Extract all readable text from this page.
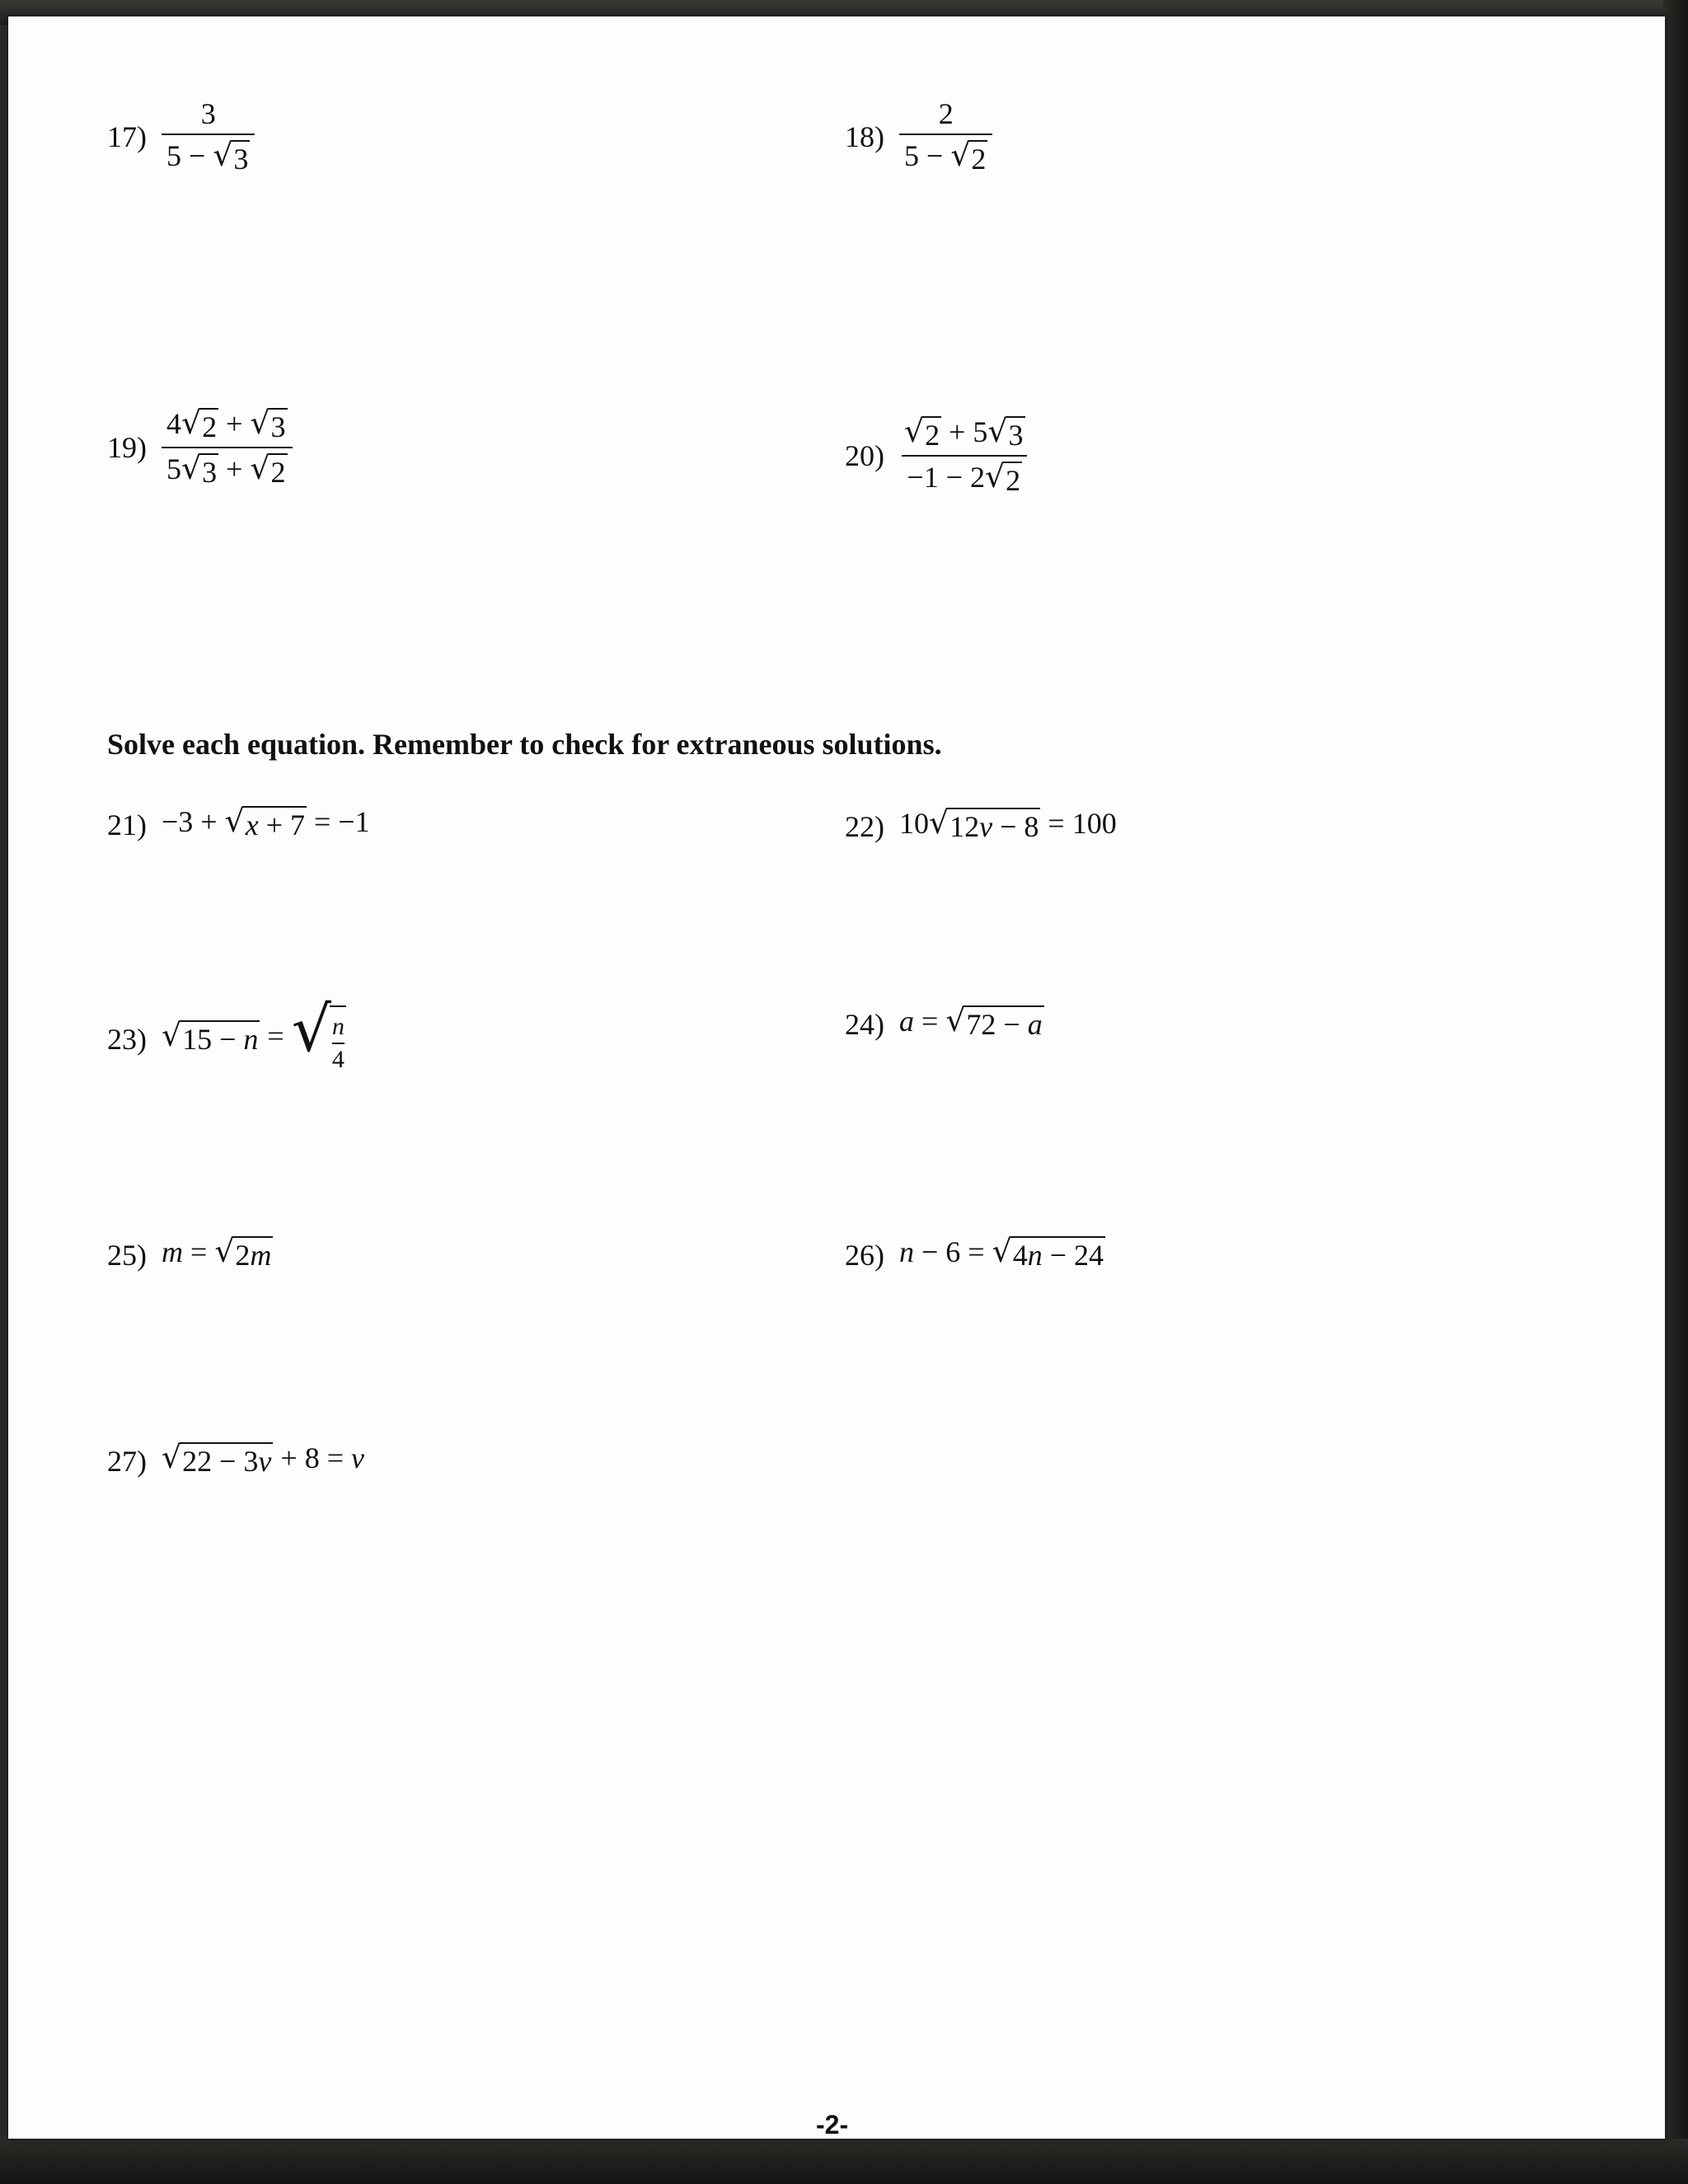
$17) \frac{3}{5 - √ 3}$	$18) \frac{2}{5 - √ 2}$
$19) \frac{4 √ 2 + √ 3}{5 √ 3 + √ 2}$	$20) \frac{√ 2 + 5 √ 3}{-1 - 2 √ 2}$
Solve each equation. Remember to check for extraneous solutions.
21) −3 + √ x + 7 = −1	22) 10 √ 12v − 8 = 100
23) √ 15 − n = √ $\frac{n}{4}$	24) a = √ 72 − a
25) m = √ 2m	26) n − 6 = √ 4n − 24
27) √ 22 − 3v + 8 = v
-2-
